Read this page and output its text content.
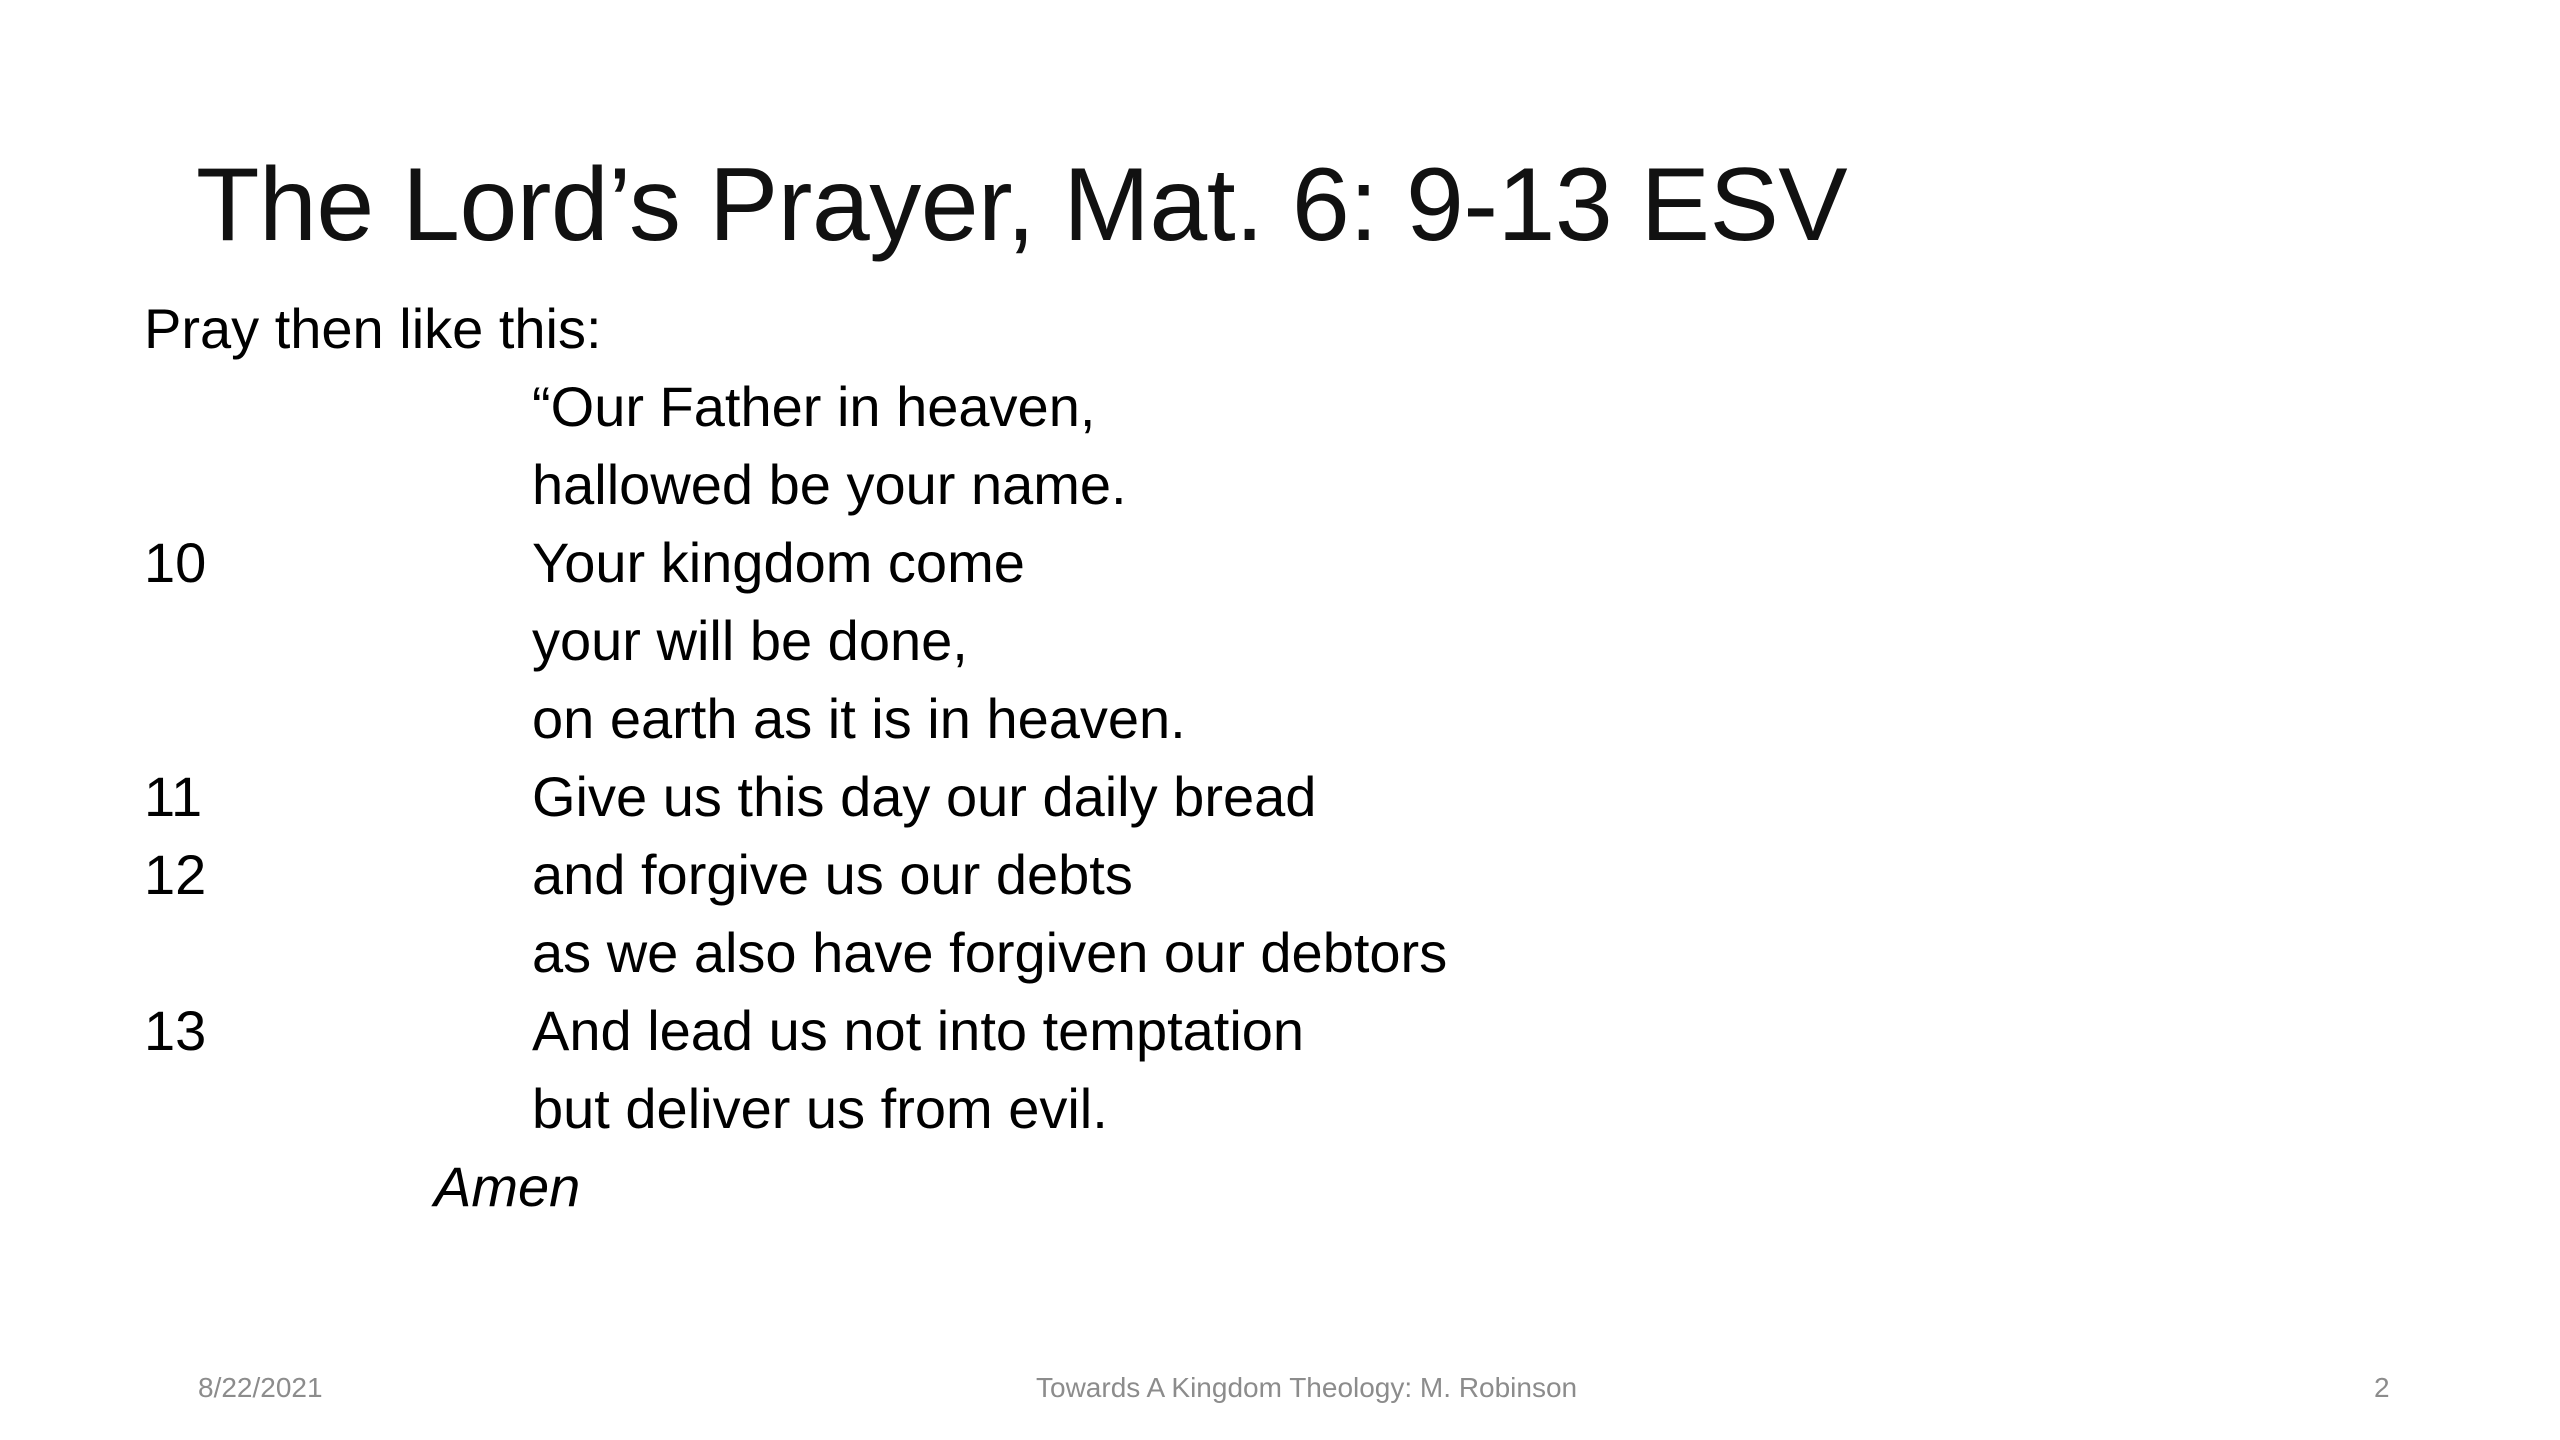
The Lord’s Prayer, Mat. 6: 9-13 ESV
Pray then like this:
“Our Father in heaven,
hallowed be your name.
10	Your kingdom come
your will be done,
on earth as it is in heaven.
11	Give us this day our daily bread
12	and forgive us our debts
as we also have forgiven our debtors
13	And lead us not into temptation
but deliver us from evil.
Amen
8/22/2021	Towards A Kingdom Theology: M. Robinson	2
